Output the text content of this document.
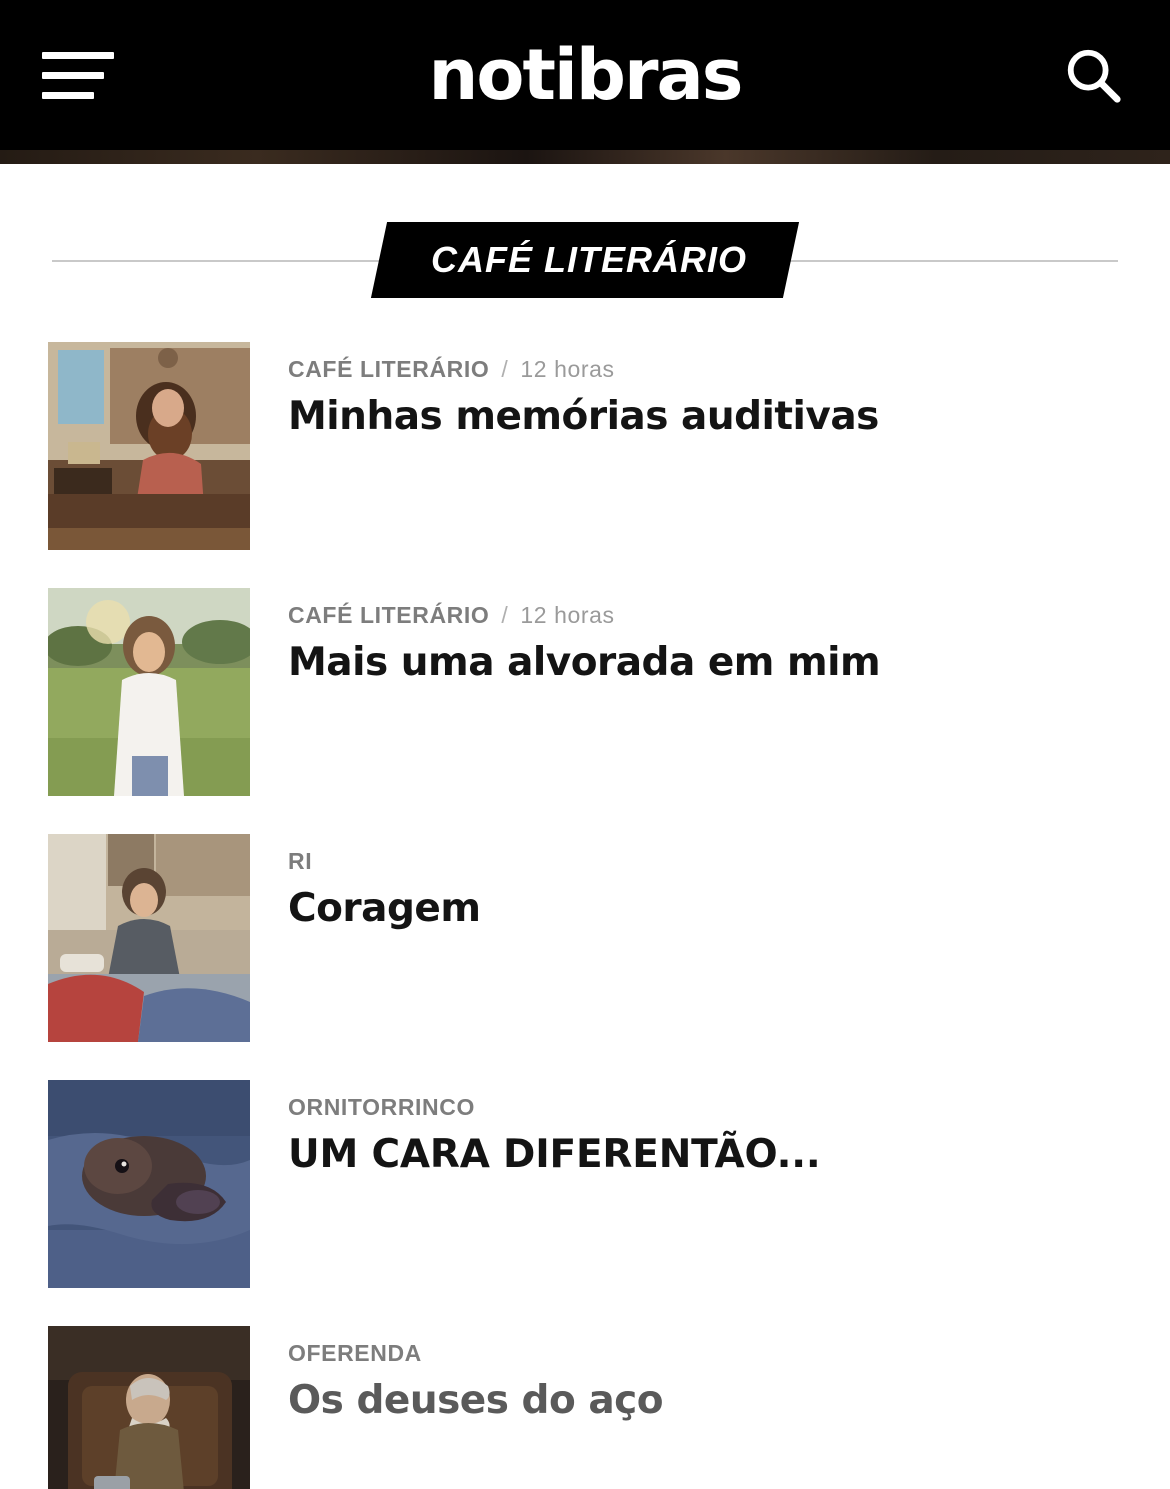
notibras
CAFÉ LITERÁRIO
CAFÉ LITERÁRIO / 12 horas
Minhas memórias auditivas
CAFÉ LITERÁRIO / 12 horas
Mais uma alvorada em mim
RI
Coragem
ORNITORRINCO
UM CARA DIFERENTÃO...
OFERENDA
Os deuses do aço
